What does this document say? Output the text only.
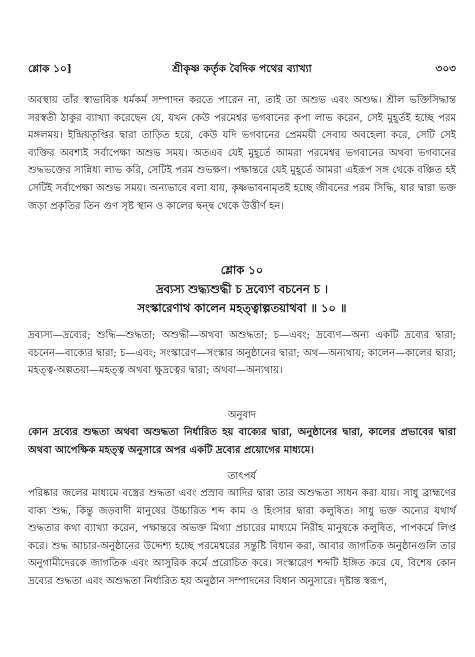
শ্লোক ১০]	শ্রীকৃষ্ণ কর্তৃক বৈদিক পথের ব্যাখ্যা	৩০৩

অবস্থায় তাঁর স্বাভাবিক ধর্মকর্ম সম্পাদন করতে পারেন না, তাই তা অশুভ এবং অশুদ্ধ। শ্রীল ভক্তিসিদ্ধান্ত সরস্বতী ঠাকুর ব্যাখ্যা করেছেন যে, যখন কেউ পরমেশ্বর ভগবানের কৃপা লাভ করেন, সেই মুহূর্তই হচ্ছে পরম মঙ্গলময়। ইন্দ্রিয়তৃপ্তির দ্বারা তাড়িত হয়ে, কেউ যদি ভগবানের প্রেমময়ী সেবায় অবহেলা করে, সেটি সেই ব্যক্তির অবশ্যই সর্বাপেক্ষা অশুভ সময়। অতএব যেই মুহূর্তে আমরা পরমেশ্বর ভগবানের অথবা ভগবানের শুদ্ধভক্তের সান্নিধ্য লাভ করি, সেটিই পরম শুভক্ষণ। পক্ষান্তরে যেই মুহূর্তে আমরা এইরূপ সঙ্গ থেকে বঞ্চিত হই সেটিই সর্বাপেক্ষা অশুভ সময়। অন্যভাবে বলা যায়, কৃষ্ণভাবনামৃতই হচ্ছে জীবনের পরম সিদ্ধি, যার দ্বারা ভক্ত জড়া প্রকৃতির তিন গুণ সৃষ্ট স্থান ও কালের দ্বন্দ্ব থেকে উত্তীর্ণ হন।

শ্লোক ১০
দ্রব্যস্য শুদ্ধ্যশুদ্ধী চ দ্রব্যেণ বচনেন চ ।
সংস্কারেণাথ কালেন মহত্ত্বাল্পতয়াথবা ॥ ১০ ॥

দ্রব্যস্য—দ্রব্যের; শুদ্ধি—শুদ্ধতা; অশুদ্ধী—অথবা অশুদ্ধতা; চ—এবং; দ্রব্যেণ—অন্য একটি দ্রব্যের দ্বারা; বচনেন—বাক্যের দ্বারা; চ—এবং; সংস্কারেণ—সংস্কার অনুষ্ঠানের দ্বারা; অথ—অন্যথায়; কালেন—কালের দ্বারা; মহত্ত্ব-অল্পতয়া—মহত্ত্ব অথবা ক্ষুদ্রত্বের দ্বারা; অথবা—অন্যথায়।

অনুবাদ

কোন দ্রব্যের শুদ্ধতা অথবা অশুদ্ধতা নির্ধারিত হয় বাক্যের দ্বারা, অনুষ্ঠানের দ্বারা, কালের প্রভাবের দ্বারা অথবা আপেক্ষিক মহত্ত্ব অনুসারে অপর একটি দ্রব্যের প্রয়োগের মাধ্যমে।

তাৎপর্য

পরিষ্কার জলের মাধ্যমে বস্ত্রের শুদ্ধতা এবং প্রস্রাব আদির দ্বারা তার অশুদ্ধতা সাধন করা যায়। সাধু ব্রাহ্মণের বাক্য শুদ্ধ, কিন্তু জড়বাদী মানুষের উচ্চারিত শব্দ কাম ও হিংসার দ্বারা কলুষিত। সাধু ভক্ত অন্যের যথার্থ শুদ্ধতার কথা ব্যাখ্যা করেন, পক্ষান্তরে অভক্ত মিথ্যা প্রচারের মাধ্যমে নিরীহ মানুষকে কলুষিত, পাপকর্মে লিপ্ত করে। শুদ্ধ আচার-অনুষ্ঠানের উদ্দেশ্য হচ্ছে পরমেশ্বরের সন্তুষ্টি বিধান করা, আবার জাগতিক অনুষ্ঠানগুলি তার অনুগামীদেরকে জাগতিক এবং আসুরিক কর্মে প্ররোচিত করে। সংস্কারেণ শব্দটি ইঙ্গিত করে যে, বিশেষ কোন দ্রব্যের শুদ্ধতা এবং অশুদ্ধতা নির্ধারিত হয় অনুষ্ঠান সম্পাদনের বিধান অনুসারে। দৃষ্টান্ত স্বরূপ,
